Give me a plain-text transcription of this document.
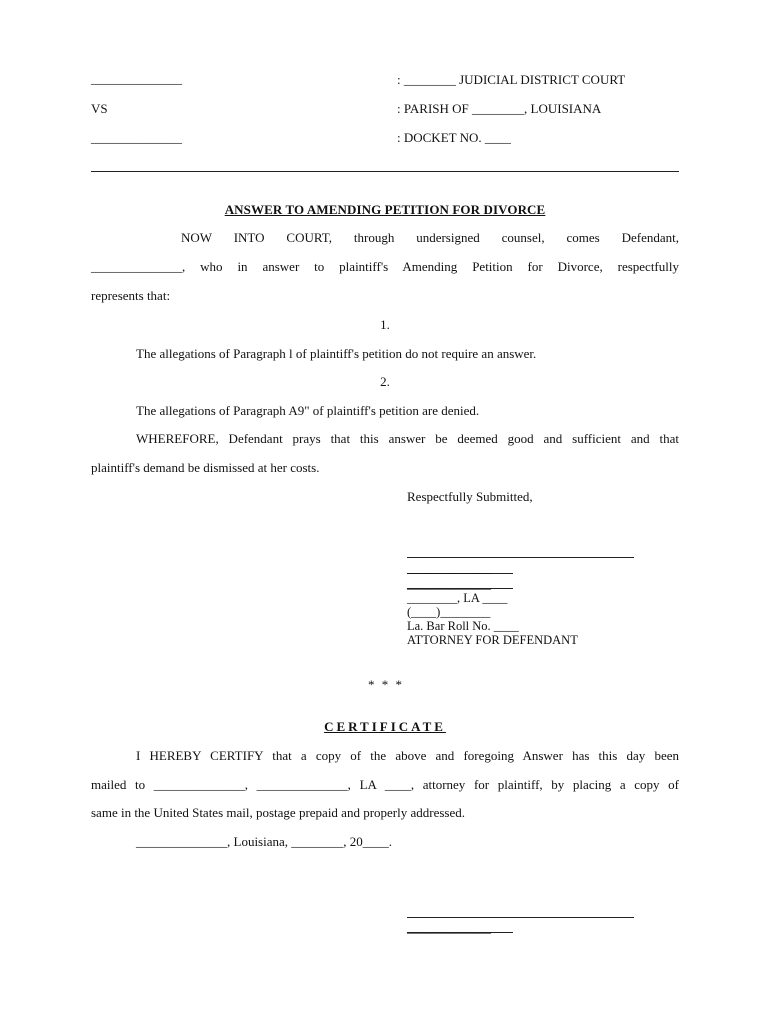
______________
VS
______________
: ________ JUDICIAL DISTRICT COURT
: PARISH OF ________, LOUISIANA
: DOCKET NO. ____
ANSWER TO AMENDING PETITION FOR DIVORCE
NOW INTO COURT, through undersigned counsel, comes Defendant,
______________, who in answer to plaintiff's Amending Petition for Divorce, respectfully
represents that:
1.
The allegations of Paragraph l of plaintiff's petition do not require an answer.
2.
The allegations of Paragraph A9" of plaintiff's petition are denied.
WHEREFORE, Defendant prays that this answer be deemed good and sufficient and that
plaintiff's demand be dismissed at her costs.
Respectfully Submitted,
________, LA ____
(____)________
La. Bar Roll No. ____
ATTORNEY FOR DEFENDANT
* * *
CERTIFICATE
I HEREBY CERTIFY that a copy of the above and foregoing Answer has this day been
mailed to ______________, ______________, LA ____, attorney for plaintiff, by placing a copy of
same in the United States mail, postage prepaid and properly addressed.
______________, Louisiana, ________, 20____.
______________
______________
______________
